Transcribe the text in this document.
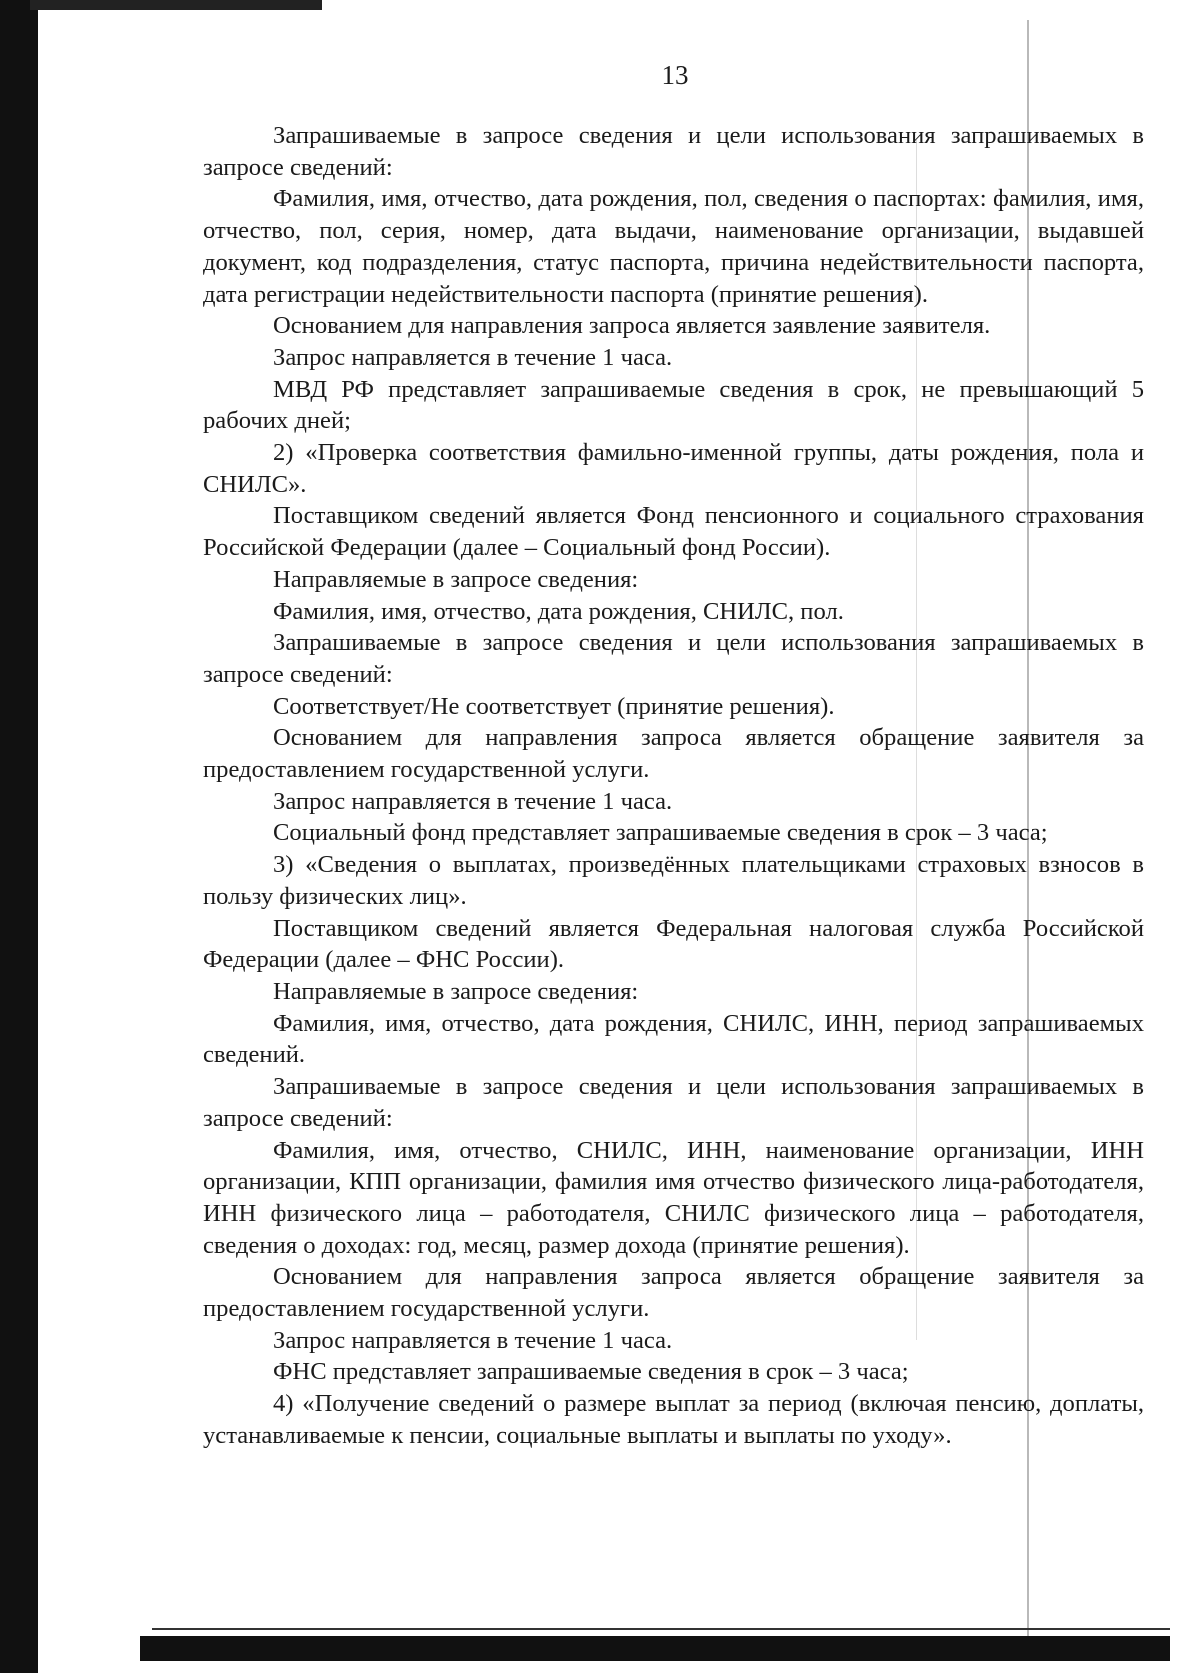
13

Запрашиваемые в запросе сведения и цели использования запрашиваемых в запросе сведений:

Фамилия, имя, отчество, дата рождения, пол, сведения о паспортах: фамилия, имя, отчество, пол, серия, номер, дата выдачи, наименование организации, выдавшей документ, код подразделения, статус паспорта, причина недействительности паспорта, дата регистрации недействительности паспорта (принятие решения).

Основанием для направления запроса является заявление заявителя.

Запрос направляется в течение 1 часа.

МВД РФ представляет запрашиваемые сведения в срок, не превышающий 5 рабочих дней;

2) «Проверка соответствия фамильно-именной группы, даты рождения, пола и СНИЛС».

Поставщиком сведений является Фонд пенсионного и социального страхования Российской Федерации (далее – Социальный фонд России).

Направляемые в запросе сведения:

Фамилия, имя, отчество, дата рождения, СНИЛС, пол.

Запрашиваемые в запросе сведения и цели использования запрашиваемых в запросе сведений:

Соответствует/Не соответствует (принятие решения).

Основанием для направления запроса является обращение заявителя за предоставлением государственной услуги.

Запрос направляется в течение 1 часа.

Социальный фонд представляет запрашиваемые сведения в срок – 3 часа;

3) «Сведения о выплатах, произведённых плательщиками страховых взносов в пользу физических лиц».

Поставщиком сведений является Федеральная налоговая служба Российской Федерации (далее – ФНС России).

Направляемые в запросе сведения:

Фамилия, имя, отчество, дата рождения, СНИЛС, ИНН, период запрашиваемых сведений.

Запрашиваемые в запросе сведения и цели использования запрашиваемых в запросе сведений:

Фамилия, имя, отчество, СНИЛС, ИНН, наименование организации, ИНН организации, КПП организации, фамилия имя отчество физического лица-работодателя, ИНН физического лица – работодателя, СНИЛС физического лица – работодателя, сведения о доходах: год, месяц, размер дохода (принятие решения).

Основанием для направления запроса является обращение заявителя за предоставлением государственной услуги.

Запрос направляется в течение 1 часа.

ФНС представляет запрашиваемые сведения в срок – 3 часа;

4) «Получение сведений о размере выплат за период (включая пенсию, доплаты, устанавливаемые к пенсии, социальные выплаты и выплаты по уходу».
